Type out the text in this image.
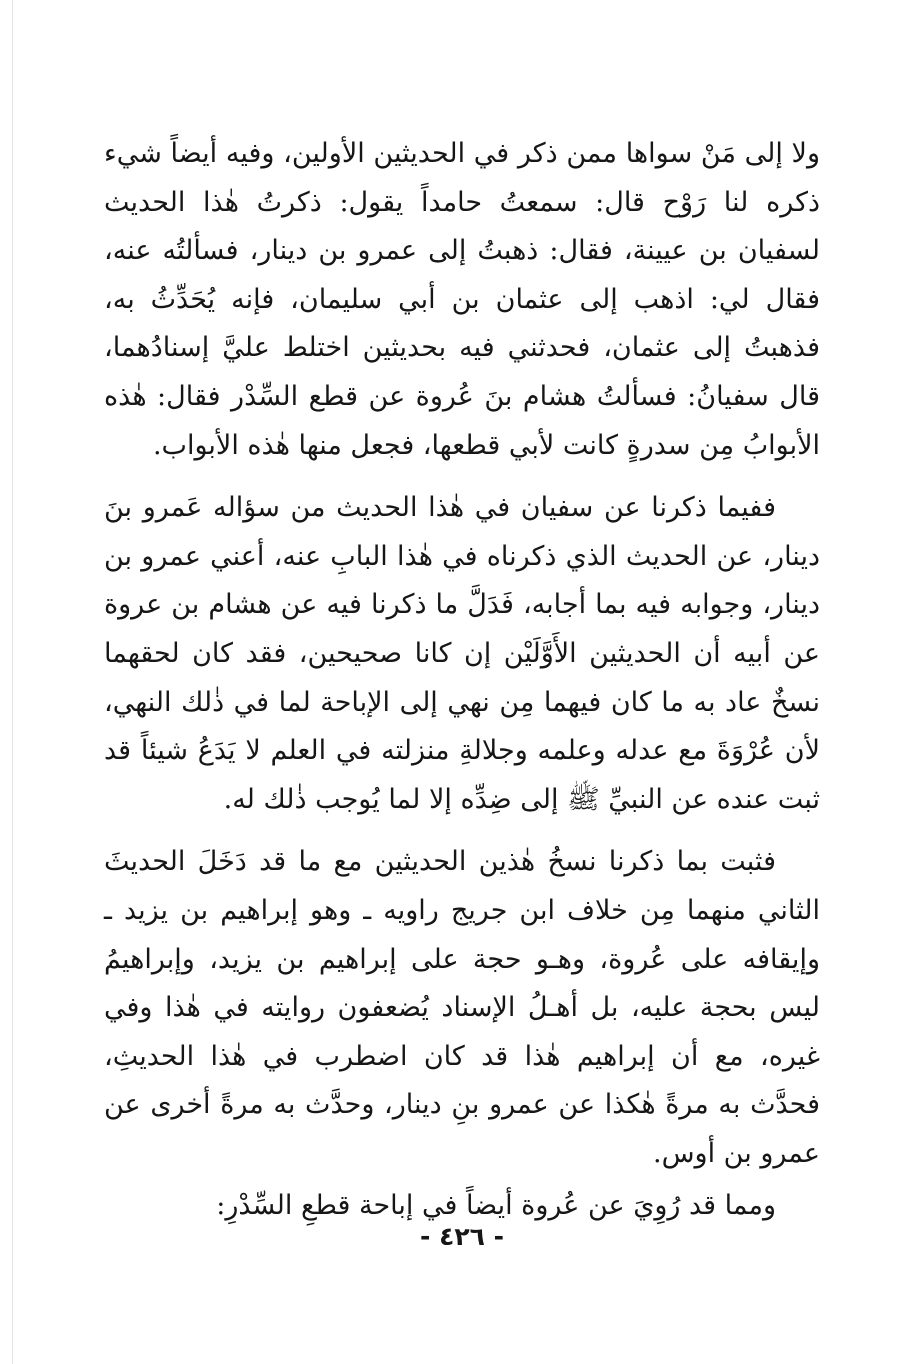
ولا إلى مَنْ سواها ممن ذكر في الحديثين الأولين، وفيه أيضاً شيء ذكره لنا رَوْح قال: سمعتُ حامداً يقول: ذكرتُ هٰذا الحديث لسفيان بن عيينة، فقال: ذهبتُ إلى عمرو بن دينار، فسألتُه عنه، فقال لي: اذهب إلى عثمان بن أبي سليمان، فإنه يُحَدِّثُ به، فذهبتُ إلى عثمان، فحدثني فيه بحديثين اختلط عليَّ إسنادُهما، قال سفيانُ: فسألتُ هشام بنَ عُروة عن قطع السِّدْر فقال: هٰذه الأبوابُ مِن سدرةٍ كانت لأبي قطعها، فجعل منها هٰذه الأبواب.

ففيما ذكرنا عن سفيان في هٰذا الحديث من سؤاله عَمرو بنَ دينار، عن الحديث الذي ذكرناه في هٰذا البابِ عنه، أعني عمرو بن دينار، وجوابه فيه بما أجابه، فَدَلَّ ما ذكرنا فيه عن هشام بن عروة عن أبيه أن الحديثين الأَوَّلَيْن إن كانا صحيحين، فقد كان لحقهما نسخٌ عاد به ما كان فيهما مِن نهي إلى الإباحة لما في ذٰلك النهي، لأن عُرْوَةَ مع عدله وعلمه وجلالةِ منزلته في العلم لا يَدَعُ شيئاً قد ثبت عنده عن النبيِّ ﷺ إلى ضِدِّه إلا لما يُوجب ذٰلك له.

فثبت بما ذكرنا نسخُ هٰذين الحديثين مع ما قد دَخَلَ الحديثَ الثاني منهما مِن خلاف ابن جريج راويه ـ وهو إبراهيم بن يزيد ـ وإيقافه على عُروة، وهـو حجة على إبراهيم بن يزيد، وإبراهيمُ ليس بحجة عليه، بل أهـلُ الإسناد يُضعفون روايته في هٰذا وفي غيره، مع أن إبراهيم هٰذا قد كان اضطرب في هٰذا الحديثِ، فحدَّث به مرةً هٰكذا عن عمرو بنِ دينار، وحدَّث به مرةً أخرى عن عمرو بن أوس.

ومما قد رُوِيَ عن عُروة أيضاً في إباحة قطعِ السِّدْرِ:

- ٤٢٦ -
